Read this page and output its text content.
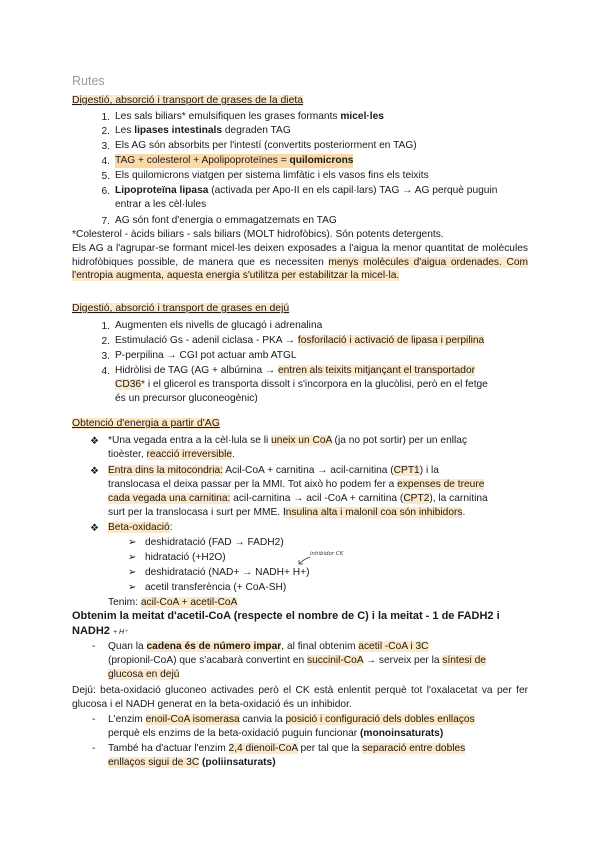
Rutes
Digestió, absorció i transport de grases de la dieta
1. Les sals biliars* emulsifiquen les grases formants micel·les
2. Les lipases intestinals degraden TAG
3. Els AG són absorbits per l'intestí (convertits posteriorment en TAG)
4. TAG + colesterol + Apolipoproteïnes = quilomicrons
5. Els quilomicrons viatgen per sistema limfàtic i els vasos fins els teixits
6. Lipoproteïna lipasa (activada per Apo-II en els capil·lars) TAG → AG perquè puguin
entrar a les cèl·lules
7. AG són font d'energia o emmagatzemats en TAG
*Colesterol - àcids biliars - sals biliars (MOLT hidrofòbics). Són potents detergents.
Els AG a l'agrupar-se formant micel·les deixen exposades a l'aigua la menor quantitat de molècules hidrofòbiques possible, de manera que es necessiten menys molècules d'aigua ordenades. Com l'entropia augmenta, aquesta energia s'utilitza per estabilitzar la micel·la.
Digestió, absorció i transport de grases en dejú
1. Augmenten els nivells de glucagó i adrenalina
2. Estimulació Gs - adenil ciclasa - PKA → fosforilació i activació de lipasa i perpilina
3. P-perpilina → CGI pot actuar amb ATGL
4. Hidròlisi de TAG (AG + albúmina → entren als teixits mitjançant el transportador
CD36* i el glicerol es transporta dissolt i s'incorpora en la glucòlisi, però en el fetge
és un precursor gluconeogènic)
Obtenció d'energia a partir d'AG
❖ *Una vegada entra a la cèl·lula se li uneix un CoA (ja no pot sortir) per un enllaç
tioèster, reacció irreversible.
❖ Entra dins la mitocondria: Acil-CoA + carnitina → acil-carnitina (CPT1) i la
translocasa el deixa passar per la MMI. Tot això ho podem fer a expenses de treure
cada vegada una carnitina: acil-carnitina → acil -CoA + carnitina (CPT2), la carnitina
surt per la translocasa i surt per MME. Insulina alta i malonil coa són inhibidors.
❖ Beta-oxidació:
➢ deshidratació (FAD → FADH2)
➢ hidratació (+H2O)	inhibidor CK
➢ deshidratació (NAD+ → NADH+ H+)
➢ acetil transferència (+ CoA-SH)
Tenim: acil-CoA + acetil-CoA
Obtenim la meitat d'acetil-CoA (respecte el nombre de C) i la meitat - 1 de FADH2 i
NADH2 + H⁺
- Quan la cadena és de número impar, al final obtenim acetil -CoA i 3C
(propionil-CoA) que s'acabarà convertint en succinil-CoA → serveix per la síntesi de
glucosa en dejú
Dejú: beta-oxidació gluconeo activades però el CK està enlentit perquè tot l'oxalacetat va per fer glucosa i el NADH generat en la beta-oxidació és un inhibidor.
- L'enzim enoil-CoA isomerasa canvia la posició i configuració dels dobles enllaços
perquè els enzims de la beta-oxidació puguin funcionar (monoinsaturats)
- També ha d'actuar l'enzim 2,4 dienoil-CoA per tal que la separació entre dobles
enllaços sigui de 3C (poliinsaturats)
